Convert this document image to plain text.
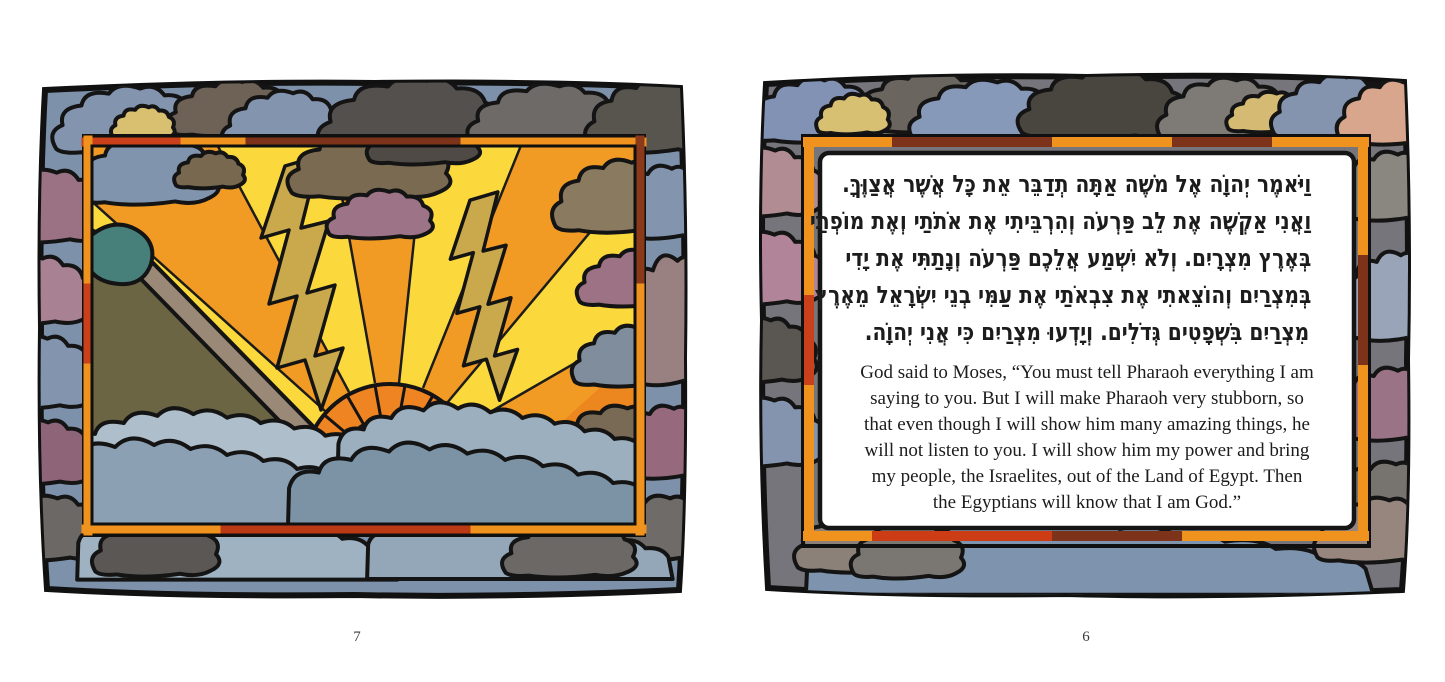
וַיֹּאמֶר יְהוָֹה אֶל מֹשֶׁה אַתָּה תְדַבֵּר אֵת כָּל אֲשֶׁר אֲצַוֶּךָּ.
וַאֲנִי אַקְשֶׁה אֶת לֵב פַּרְעֹה וְהִרְבֵּיתִי אֶת אֹתֹתַי וְאֶת מוֹפְתַי
בְּאֶרֶץ מִצְרָיִם. וְלֹא יִשְׁמַע אֲלֵכֶם פַּרְעֹה וְנָתַתִּי אֶת יָדִי
בְּמִצְרַיִם וְהוֹצֵאתִי אֶת צִבְאֹתַי אֶת עַמִּי בְנֵי יִשְׂרָאֵל מֵאֶרֶץ
מִצְרַיִם בִּשְׁפָטִים גְּדֹלִים. וְיָדְעוּ מִצְרַיִם כִּי אֲנִי יְהוָֹה.
God said to Moses, “You must tell Pharaoh everything I am
saying to you. But I will make Pharaoh very stubborn, so
that even though I will show him many amazing things, he
will not listen to you. I will show him my power and bring
my people, the Israelites, out of the Land of Egypt. Then
the Egyptians will know that I am God.”
7	6
